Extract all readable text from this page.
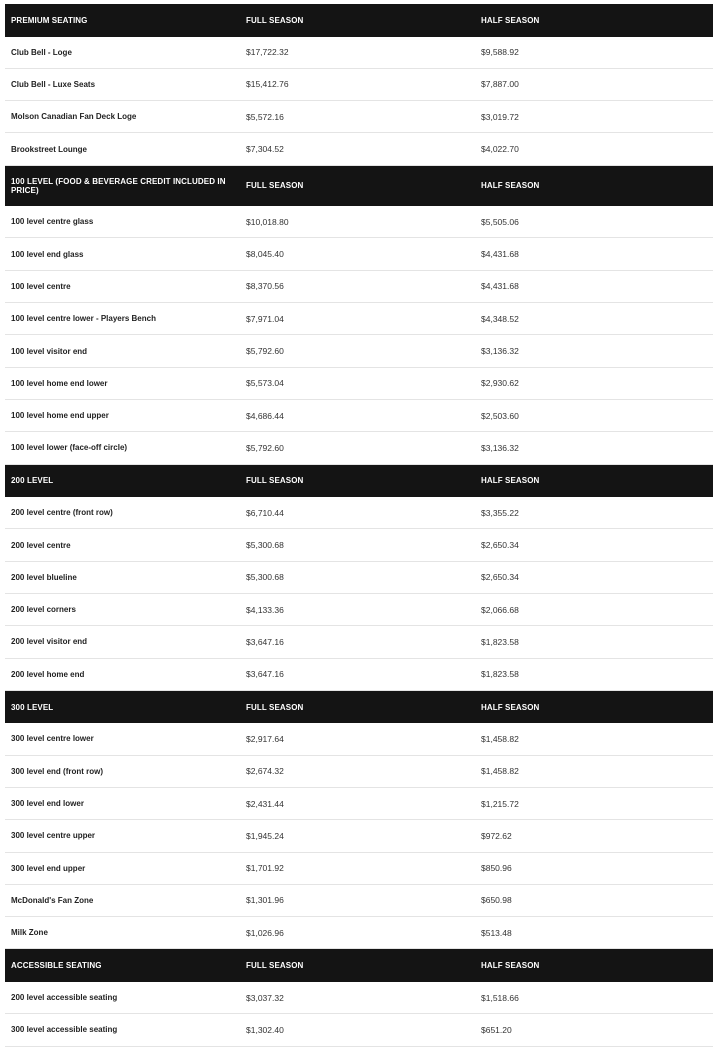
PREMIUM SEATING	FULL SEASON	HALF SEASON
Club Bell - Loge	$17,722.32	$9,588.92
Club Bell - Luxe Seats	$15,412.76	$7,887.00
Molson Canadian Fan Deck Loge	$5,572.16	$3,019.72
Brookstreet Lounge	$7,304.52	$4,022.70
100 LEVEL (FOOD & BEVERAGE CREDIT INCLUDED IN PRICE)	FULL SEASON	HALF SEASON
100 level centre glass	$10,018.80	$5,505.06
100 level end glass	$8,045.40	$4,431.68
100 level centre	$8,370.56	$4,431.68
100 level centre lower - Players Bench	$7,971.04	$4,348.52
100 level visitor end	$5,792.60	$3,136.32
100 level home end lower	$5,573.04	$2,930.62
100 level home end upper	$4,686.44	$2,503.60
100 level lower (face-off circle)	$5,792.60	$3,136.32
200 LEVEL	FULL SEASON	HALF SEASON
200 level centre (front row)	$6,710.44	$3,355.22
200 level centre	$5,300.68	$2,650.34
200 level blueline	$5,300.68	$2,650.34
200 level corners	$4,133.36	$2,066.68
200 level visitor end	$3,647.16	$1,823.58
200 level home end	$3,647.16	$1,823.58
300 LEVEL	FULL SEASON	HALF SEASON
300 level centre lower	$2,917.64	$1,458.82
300 level end (front row)	$2,674.32	$1,458.82
300 level end lower	$2,431.44	$1,215.72
300 level centre upper	$1,945.24	$972.62
300 level end upper	$1,701.92	$850.96
McDonald's Fan Zone	$1,301.96	$650.98
Milk Zone	$1,026.96	$513.48
ACCESSIBLE SEATING	FULL SEASON	HALF SEASON
200 level accessible seating	$3,037.32	$1,518.66
300 level accessible seating	$1,302.40	$651.20
